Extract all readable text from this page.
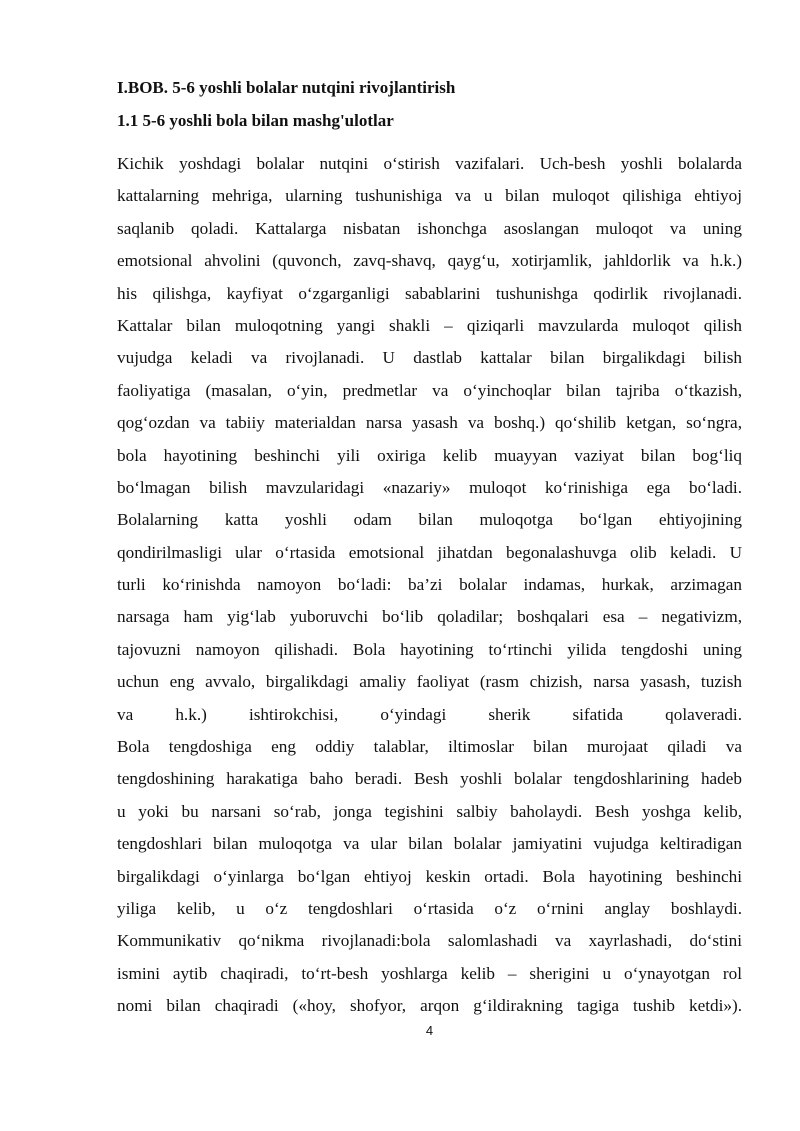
I.BOB. 5-6 yoshli bolalar nutqini rivojlantirish
1.1 5-6 yoshli bola bilan mashg'ulotlar
Kichik yoshdagi bolalar nutqini o‘stirish vazifalari. Uch-besh yoshli bolalarda
kattalarning mehriga, ularning tushunishiga va u bilan muloqot qilishiga ehtiyoj
saqlanib qoladi. Kattalarga nisbatan ishonchga asoslangan muloqot va uning
emotsional ahvolini (quvonch, zavq-shavq, qayg‘u, xotirjamlik, jahldorlik va h.k.)
his qilishga, kayfiyat o‘zgarganligi sabablarini tushunishga qodirlik rivojlanadi.
Kattalar bilan muloqotning yangi shakli – qiziqarli mavzularda muloqot qilish
vujudga keladi va rivojlanadi. U dastlab kattalar bilan birgalikdagi bilish
faoliyatiga (masalan, o‘yin, predmetlar va o‘yinchoqlar bilan tajriba o‘tkazish,
qog‘ozdan va tabiiy materialdan narsa yasash va boshq.) qo‘shilib ketgan, so‘ngra,
bola hayotining beshinchi yili oxiriga kelib muayyan vaziyat bilan bog‘liq
bo‘lmagan bilish mavzularidagi «nazariy» muloqot ko‘rinishiga ega bo‘ladi.
Bolalarning katta yoshli odam bilan muloqotga bo‘lgan ehtiyojining
qondirilmasligi ular o‘rtasida emotsional jihatdan begonalashuvga olib keladi. U
turli ko‘rinishda namoyon bo‘ladi: ba’zi bolalar indamas, hurkak, arzimagan
narsaga ham yig‘lab yuboruvchi bo‘lib qoladilar; boshqalari esa – negativizm,
tajovuzni namoyon qilishadi. Bola hayotining to‘rtinchi yilida tengdoshi uning
uchun eng avvalo, birgalikdagi amaliy faoliyat (rasm chizish, narsa yasash, tuzish
va h.k.) ishtirokchisi, o‘yindagi sherik sifatida qolaveradi.
Bola tengdoshiga eng oddiy talablar, iltimoslar bilan murojaat qiladi va
tengdoshining harakatiga baho beradi. Besh yoshli bolalar tengdoshlarining hadeb
u yoki bu narsani so‘rab, jonga tegishini salbiy baholaydi. Besh yoshga kelib,
tengdoshlari bilan muloqotga va ular bilan bolalar jamiyatini vujudga keltiradigan
birgalikdagi o‘yinlarga bo‘lgan ehtiyoj keskin ortadi. Bola hayotining beshinchi
yiliga kelib, u o‘z tengdoshlari o‘rtasida o‘z o‘rnini anglay boshlaydi.
Kommunikativ qo‘nikma rivojlanadi:bola salomlashadi va xayrlashadi, do‘stini
ismini aytib chaqiradi, to‘rt-besh yoshlarga kelib – sherigini u o‘ynayotgan rol
nomi bilan chaqiradi («hoy, shofyor, arqon g‘ildirakning tagiga tushib ketdi»).
4
